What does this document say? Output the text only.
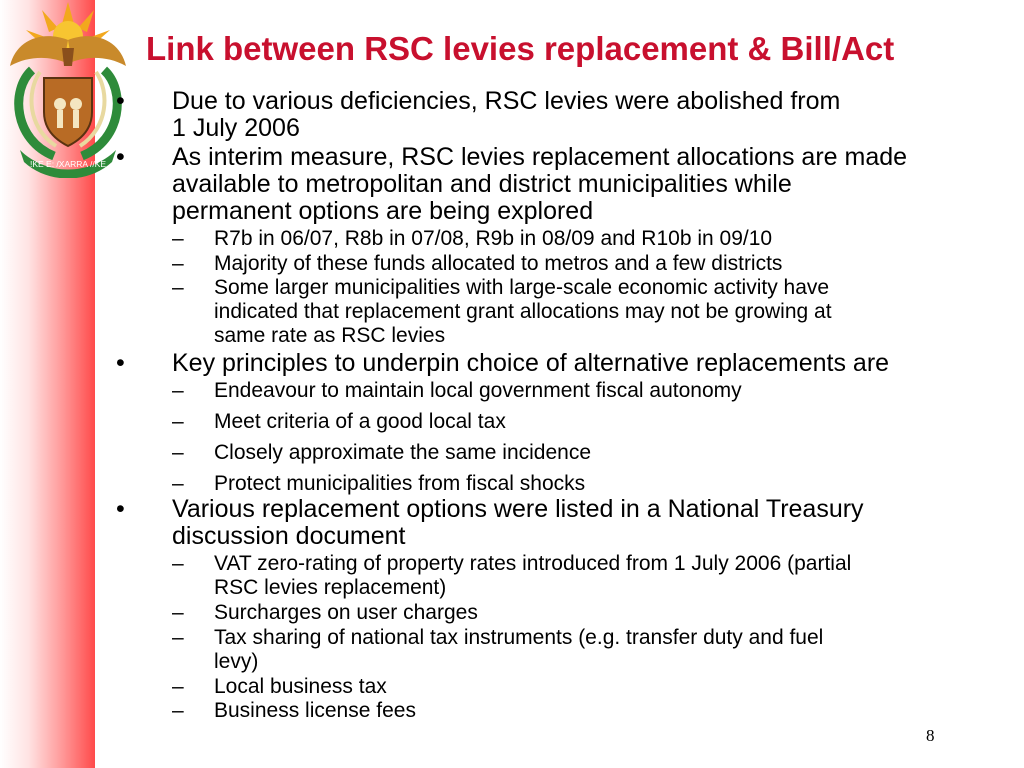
!KE E: /XARRA //KE
Link between RSC levies replacement & Bill/Act
• Due to various deficiencies, RSC levies were abolished from
1 July 2006
• As interim measure, RSC levies replacement allocations are made
available to metropolitan and district municipalities while
permanent options are being explored
– R7b in 06/07, R8b in 07/08, R9b in 08/09 and R10b in 09/10
– Majority of these funds allocated to metros and a few districts
– Some larger municipalities with large-scale economic activity have
indicated that replacement grant allocations may not be growing at
same rate as RSC levies
• Key principles to underpin choice of alternative replacements are
– Endeavour to maintain local government fiscal autonomy
– Meet criteria of a good local tax
– Closely approximate the same incidence
– Protect municipalities from fiscal shocks
• Various replacement options were listed in a National Treasury
discussion document
– VAT zero-rating of property rates introduced from 1 July 2006 (partial
RSC levies replacement)
– Surcharges on user charges
– Tax sharing of national tax instruments (e.g. transfer duty and fuel
levy)
– Local business tax
– Business license fees
8
